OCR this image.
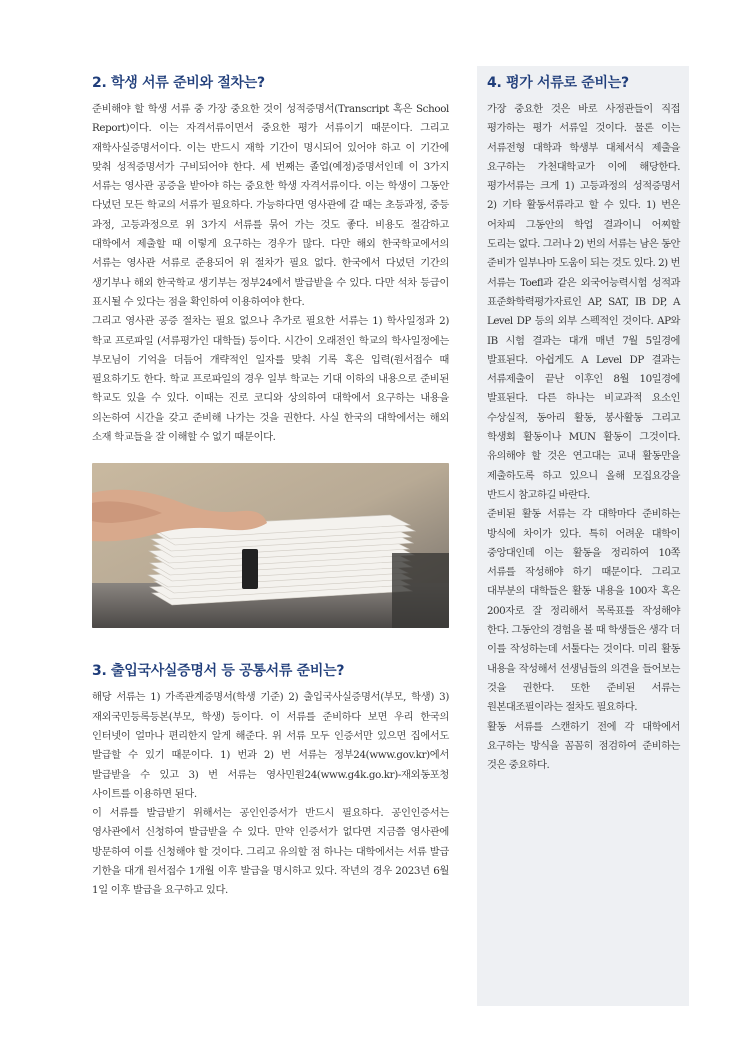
2. 학생 서류 준비와 절차는?

준비해야 할 학생 서류 중 가장 중요한 것이 성적증명서(Transcript 혹은 School Report)이다. 이는 자격서류이면서 중요한 평가 서류이기 때문이다. 그리고 재학사실증명서이다. 이는 반드시 재학 기간이 명시되어 있어야 하고 이 기간에 맞춰 성적증명서가 구비되어야 한다. 세 번째는 졸업(예정)증명서인데 이 3가지 서류는 영사관 공증을 받아야 하는 중요한 학생 자격서류이다. 이는 학생이 그동안 다녔던 모든 학교의 서류가 필요하다. 가능하다면 영사관에 갈 때는 초등과정, 중등 과정, 고등과정으로 위 3가지 서류를 묶어 가는 것도 좋다. 비용도 절감하고 대학에서 제출할 때 이렇게 요구하는 경우가 많다. 다만 해외 한국학교에서의 서류는 영사관 서류로 준용되어 위 절차가 필요 없다. 한국에서 다녔던 기간의 생기부나 해외 한국학교 생기부는 정부24에서 발급받을 수 있다. 다만 석차 등급이 표시될 수 있다는 점을 확인하여 이용하여야 한다.

그리고 영사관 공증 절차는 필요 없으나 추가로 필요한 서류는 1) 학사일정과 2) 학교 프로파일 (서류평가인 대학들) 등이다. 시간이 오래전인 학교의 학사일정에는 부모님이 기억을 더듬어 개략적인 일자를 맞춰 기록 혹은 입력(원서접수 때 필요하기도 한다. 학교 프로파일의 경우 일부 학교는 기대 이하의 내용으로 준비된 학교도 있을 수 있다. 이때는 진로 코디와 상의하여 대학에서 요구하는 내용을 의논하여 시간을 갖고 준비해 나가는 것을 권한다. 사실 한국의 대학에서는 해외 소재 학교들을 잘 이해할 수 없기 때문이다.

3. 출입국사실증명서 등 공통서류 준비는?

해당 서류는 1) 가족관계증명서(학생 기준) 2) 출입국사실증명서(부모, 학생) 3) 재외국민등록등본(부모, 학생) 등이다. 이 서류를 준비하다 보면 우리 한국의 인터넷이 얼마나 편리한지 알게 해준다. 위 서류 모두 인증서만 있으면 집에서도 발급할 수 있기 때문이다. 1) 번과 2) 번 서류는 정부24(www.gov.kr)에서 발급받을 수 있고 3) 번 서류는 영사민원24(www.g4k.go.kr)-재외동포청 사이트를 이용하면 된다.

이 서류를 발급받기 위해서는 공인인증서가 반드시 필요하다. 공인인증서는 영사관에서 신청하여 발급받을 수 있다. 만약 인증서가 없다면 지금쯤 영사관에 방문하여 이를 신청해야 할 것이다. 그리고 유의할 점 하나는 대학에서는 서류 발급 기한을 대개 원서접수 1개월 이후 발급을 명시하고 있다. 작년의 경우 2023년 6월 1일 이후 발급을 요구하고 있다.

4. 평가 서류로 준비는?

가장 중요한 것은 바로 사정관들이 직접 평가하는 평가 서류일 것이다. 물론 이는 서류전형 대학과 학생부 대체서식 제출을 요구하는 가천대학교가 이에 해당한다. 평가서류는 크게 1) 고등과정의 성적증명서 2) 기타 활동서류라고 할 수 있다. 1) 번은 어차피 그동안의 학업 결과이니 어찌할 도리는 없다. 그러나 2) 번의 서류는 남은 동안 준비가 일부나마 도움이 되는 것도 있다. 2) 번 서류는 Toefl과 같은 외국어능력시험 성적과 표준화학력평가자료인 AP, SAT, IB DP, A Level DP 등의 외부 스펙적인 것이다. AP와 IB 시험 결과는 대개 매년 7월 5일경에 발표된다. 아쉽게도 A Level DP 결과는 서류제출이 끝난 이후인 8월 10일경에 발표된다. 다른 하나는 비교과적 요소인 수상실적, 동아리 활동, 봉사활동 그리고 학생회 활동이나 MUN 활동이 그것이다. 유의해야 할 것은 연고대는 교내 활동만을 제출하도록 하고 있으니 올해 모집요강을 반드시 참고하길 바란다.

준비된 활동 서류는 각 대학마다 준비하는 방식에 차이가 있다. 특히 어려운 대학이 중앙대인데 이는 활동을 정리하여 10쪽 서류를 작성해야 하기 때문이다. 그리고 대부분의 대학들은 활동 내용을 100자 혹은 200자로 잘 정리해서 목록표를 작성해야 한다. 그동안의 경험을 볼 때 학생들은 생각 더 이를 작성하는데 서툴다는 것이다. 미리 활동 내용을 작성해서 선생님들의 의견을 들어보는 것을 권한다. 또한 준비된 서류는 원본대조필이라는 절차도 필요하다.

활동 서류를 스캔하기 전에 각 대학에서 요구하는 방식을 꼼꼼히 점검하여 준비하는 것은 중요하다.
